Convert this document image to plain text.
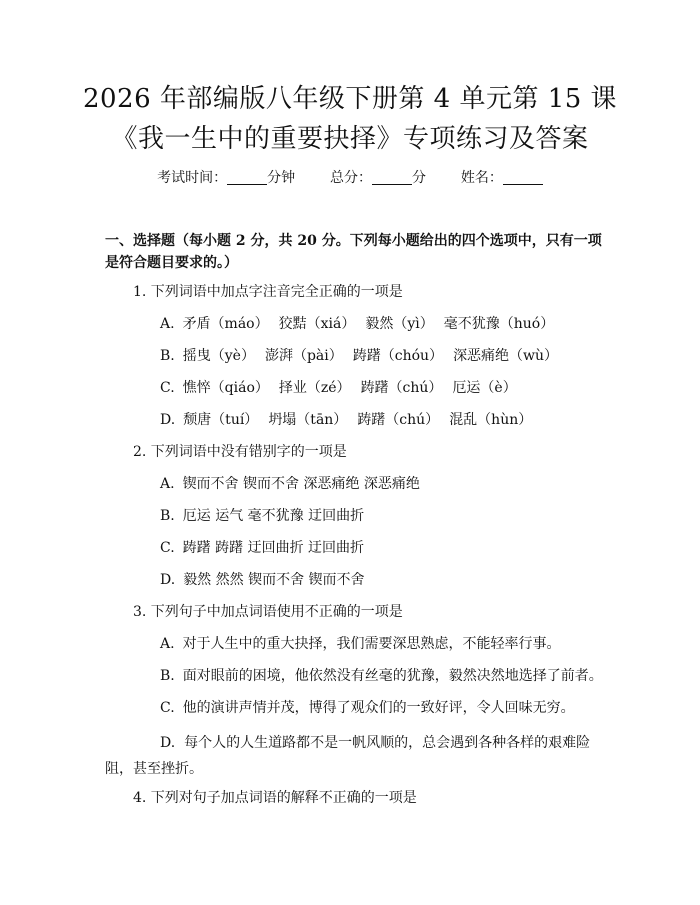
2026 年部编版八年级下册第 4 单元第 15 课
《我一生中的重要抉择》专项练习及答案
考试时间：	分钟 总分：	分 姓名：
一、选择题（每小题 2 分，共 20 分。下列每小题给出的四个选项中，只有一项是符合题目要求的。）
1. 下列词语中加点字注音完全正确的一项是
A. 矛盾（máo） 狡黠（xiá） 毅然（yì） 毫不犹豫（huó）
B. 摇曳（yè） 澎湃（pài） 踌躇（chóu） 深恶痛绝（wù）
C. 憔悴（qiáo） 择业（zé） 踌躇（chú） 厄运（è）
D. 颓唐（tuí） 坍塌（tān） 踌躇（chú） 混乱（hùn）
2. 下列词语中没有错别字的一项是
A. 锲而不舍 锲而不舍 深恶痛绝 深恶痛绝
B. 厄运 运气 毫不犹豫 迂回曲折
C. 踌躇 踌躇 迂回曲折 迂回曲折
D. 毅然 然然 锲而不舍 锲而不舍
3. 下列句子中加点词语使用不正确的一项是
A. 对于人生中的重大抉择，我们需要深思熟虑，不能轻率行事。
B. 面对眼前的困境，他依然没有丝毫的犹豫，毅然决然地选择了前者。
C. 他的演讲声情并茂，博得了观众们的一致好评，令人回味无穷。
D. 每个人的人生道路都不是一帆风顺的，总会遇到各种各样的艰难险阻，甚至挫折。
4. 下列对句子加点词语的解释不正确的一项是
